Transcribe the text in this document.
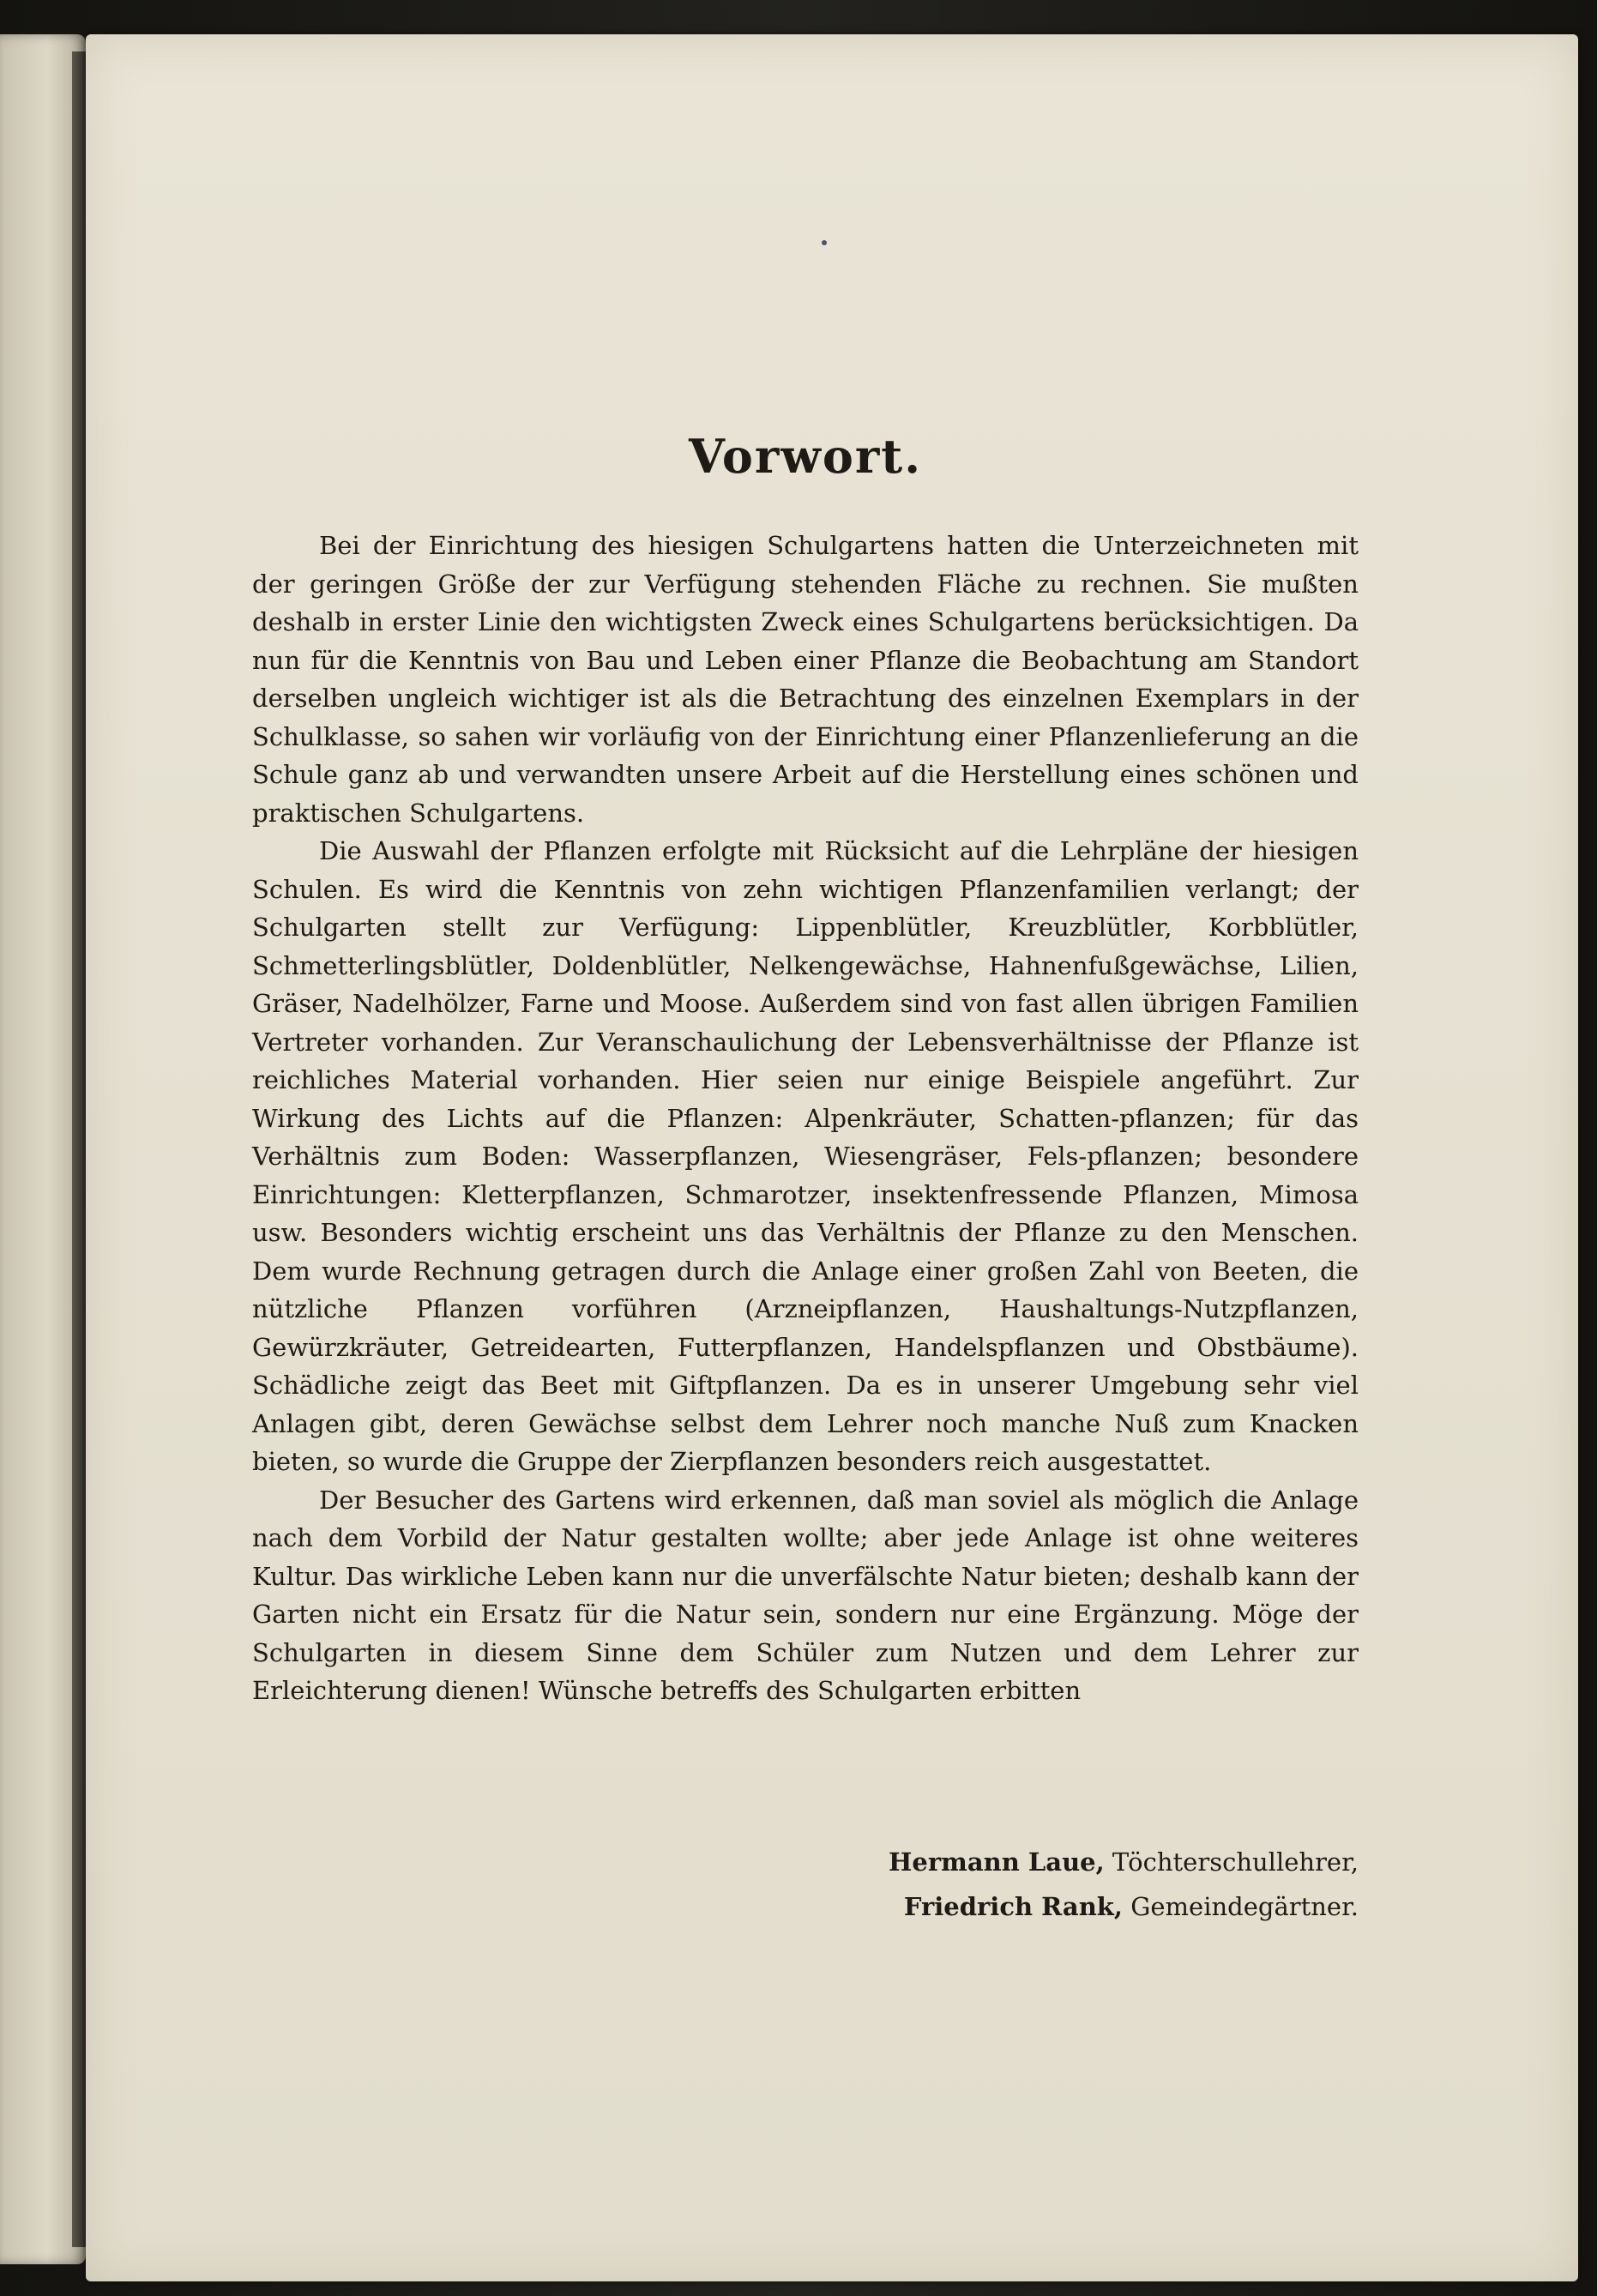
Vorwort.

Bei der Einrichtung des hiesigen Schulgartens hatten die Unterzeichneten mit der geringen Größe der zur Verfügung stehenden Fläche zu rechnen. Sie mußten deshalb in erster Linie den wichtigsten Zweck eines Schulgartens berücksichtigen. Da nun für die Kenntnis von Bau und Leben einer Pflanze die Beobachtung am Standort derselben ungleich wichtiger ist als die Betrachtung des einzelnen Exemplars in der Schulklasse, so sahen wir vorläufig von der Einrichtung einer Pflanzenlieferung an die Schule ganz ab und verwandten unsere Arbeit auf die Herstellung eines schönen und praktischen Schulgartens.

Die Auswahl der Pflanzen erfolgte mit Rücksicht auf die Lehrpläne der hiesigen Schulen. Es wird die Kenntnis von zehn wichtigen Pflanzenfamilien verlangt; der Schulgarten stellt zur Verfügung: Lippenblütler, Kreuzblütler, Korbblütler, Schmetterlingsblütler, Doldenblütler, Nelkengewächse, Hahnenfußgewächse, Lilien, Gräser, Nadelhölzer, Farne und Moose. Außerdem sind von fast allen übrigen Familien Vertreter vorhanden. Zur Veranschaulichung der Lebensverhältnisse der Pflanze ist reichliches Material vorhanden. Hier seien nur einige Beispiele angeführt. Zur Wirkung des Lichts auf die Pflanzen: Alpenkräuter, Schatten-pflanzen; für das Verhältnis zum Boden: Wasserpflanzen, Wiesengräser, Fels-pflanzen; besondere Einrichtungen: Kletterpflanzen, Schmarotzer, insektenfressende Pflanzen, Mimosa usw. Besonders wichtig erscheint uns das Verhältnis der Pflanze zu den Menschen. Dem wurde Rechnung getragen durch die Anlage einer großen Zahl von Beeten, die nützliche Pflanzen vorführen (Arzneipflanzen, Haushaltungs-Nutzpflanzen, Gewürzkräuter, Getreidearten, Futterpflanzen, Handelspflanzen und Obstbäume). Schädliche zeigt das Beet mit Giftpflanzen. Da es in unserer Umgebung sehr viel Anlagen gibt, deren Gewächse selbst dem Lehrer noch manche Nuß zum Knacken bieten, so wurde die Gruppe der Zierpflanzen besonders reich ausgestattet.

Der Besucher des Gartens wird erkennen, daß man soviel als möglich die Anlage nach dem Vorbild der Natur gestalten wollte; aber jede Anlage ist ohne weiteres Kultur. Das wirkliche Leben kann nur die unverfälschte Natur bieten; deshalb kann der Garten nicht ein Ersatz für die Natur sein, sondern nur eine Ergänzung. Möge der Schulgarten in diesem Sinne dem Schüler zum Nutzen und dem Lehrer zur Erleichterung dienen! Wünsche betreffs des Schulgarten erbitten

Hermann Laue, Töchterschullehrer,
Friedrich Rank, Gemeindegärtner.
